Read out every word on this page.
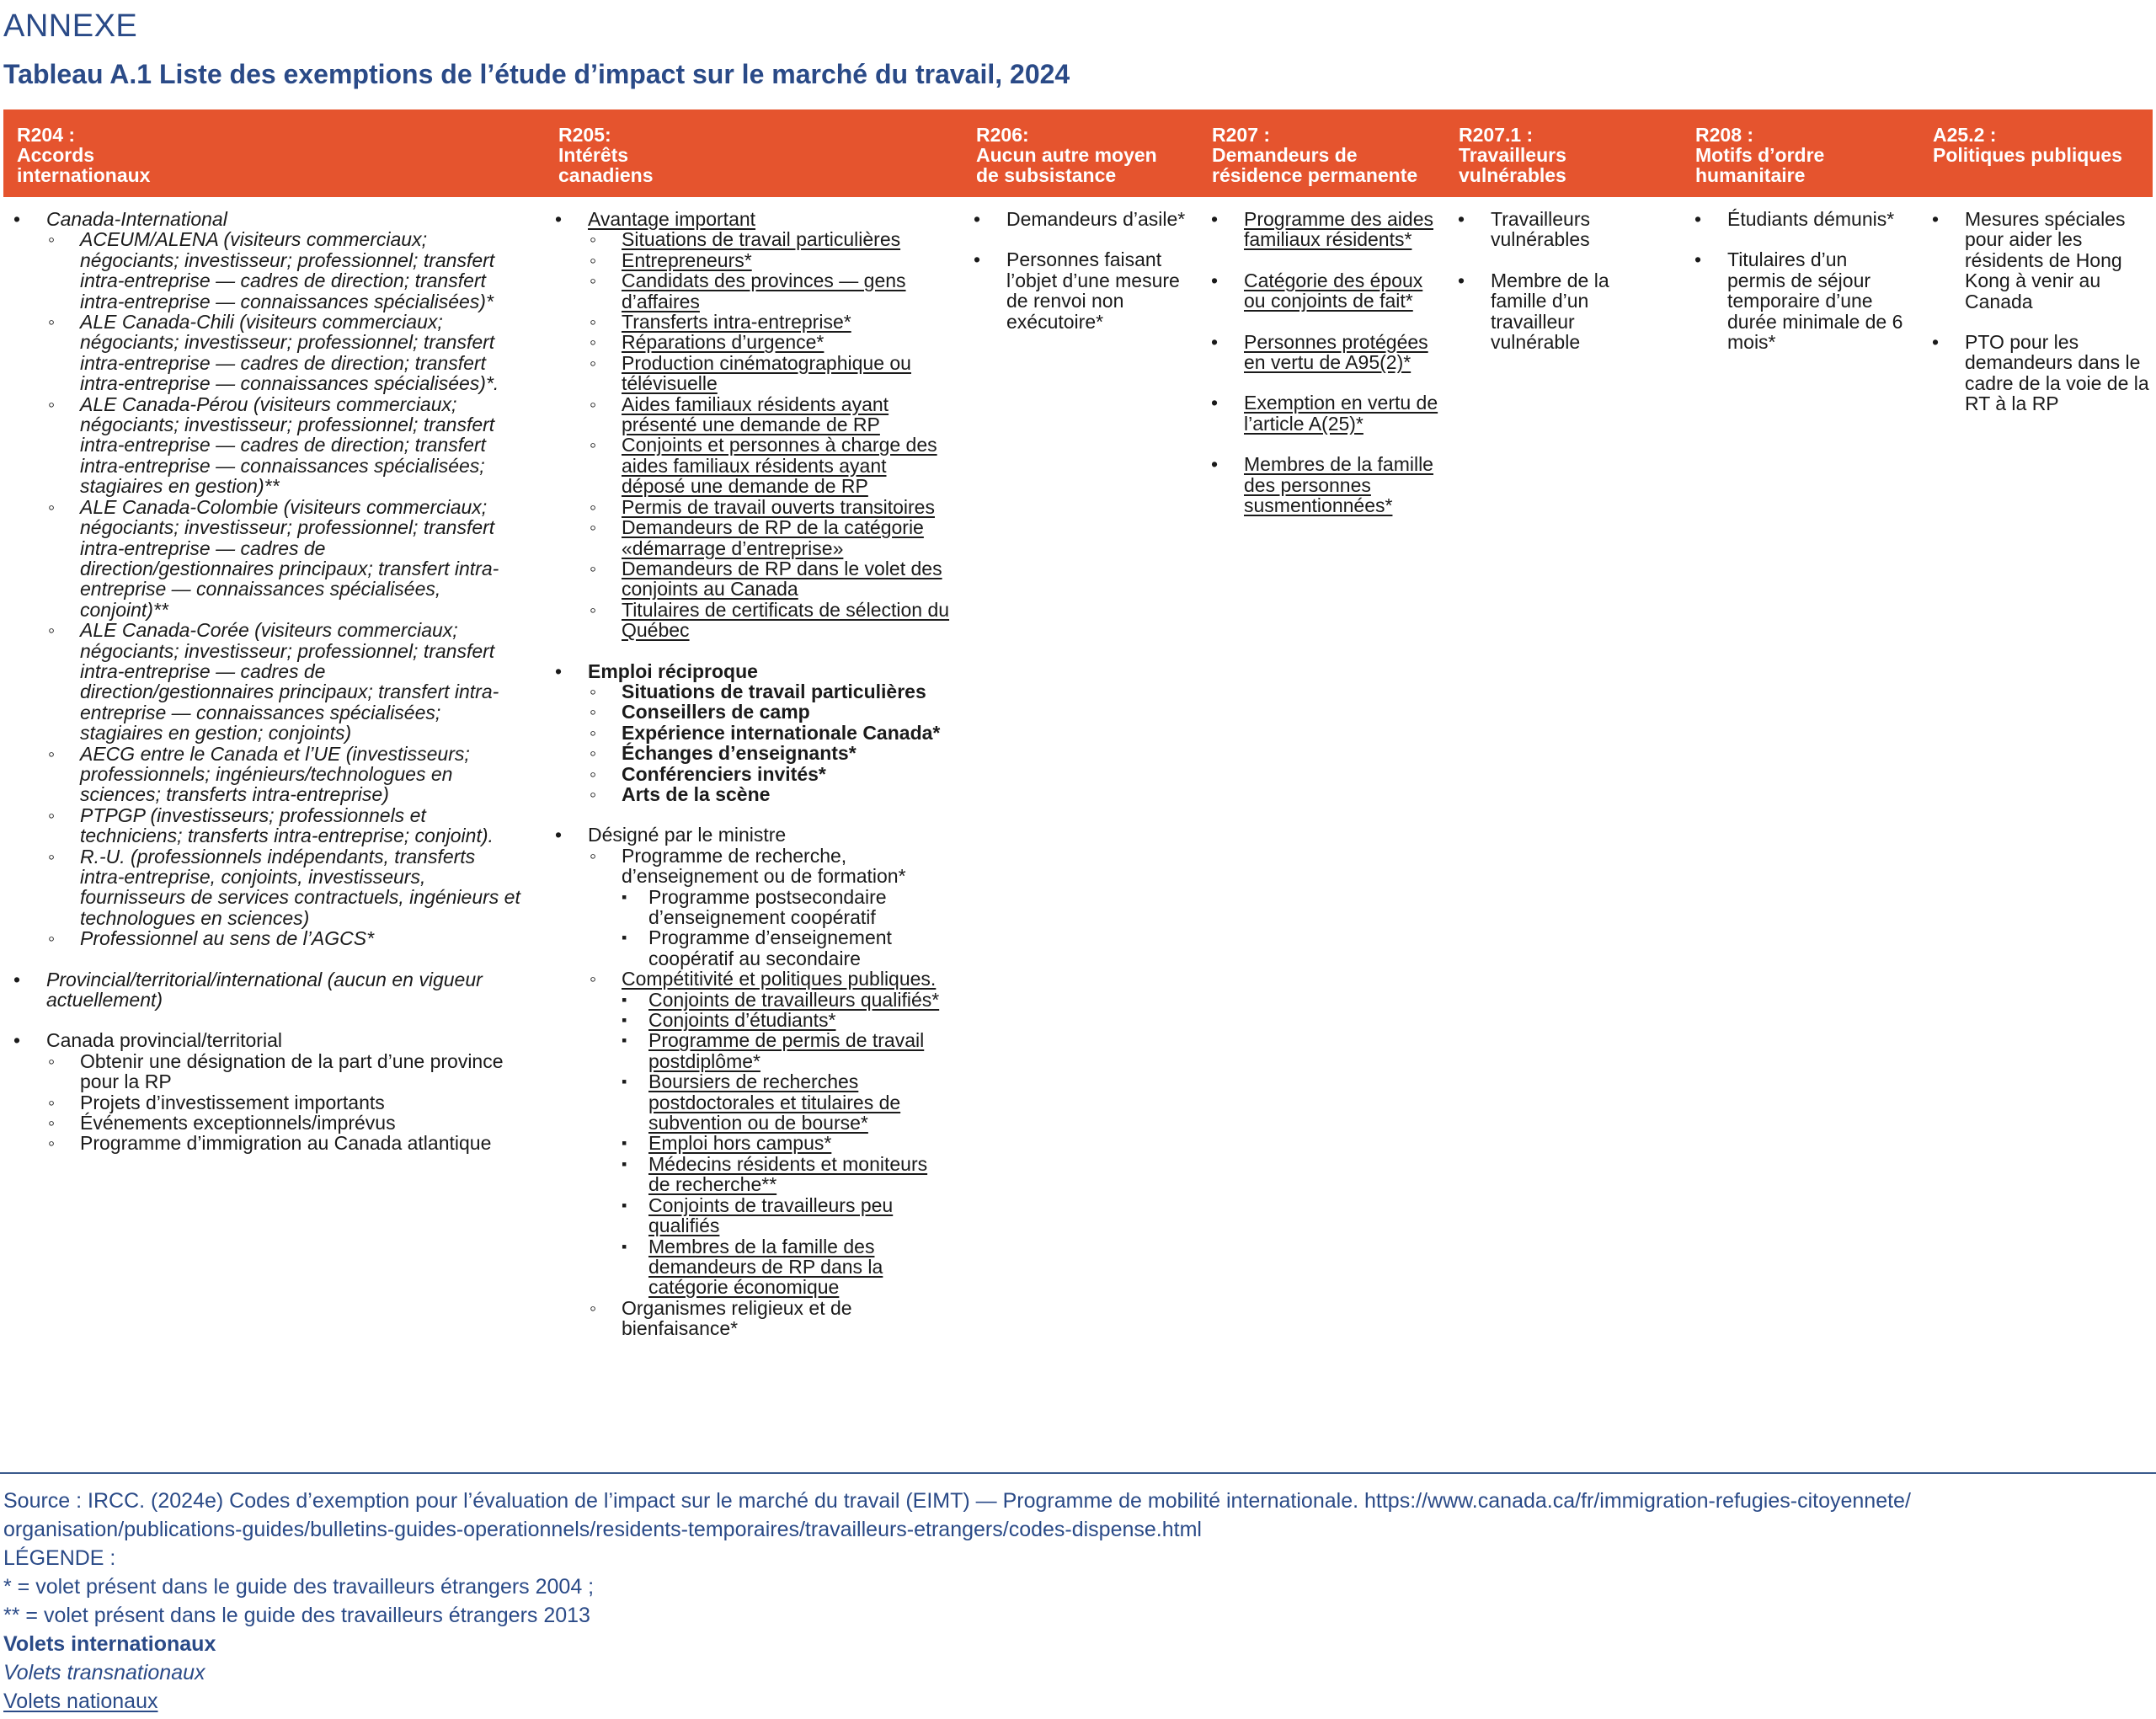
ANNEXE
Tableau A.1 Liste des exemptions de l’étude d’impact sur le marché du travail, 2024
R204 :
Accords
internationaux
R205:
Intérêts
canadiens
R206:
Aucun autre moyen
de subsistance
R207 :
Demandeurs de
résidence permanente
R207.1 :
Travailleurs
vulnérables
R208 :
Motifs d’ordre
humanitaire
A25.2 :
Politiques publiques
Canada-International
ACEUM/ALENA (visiteurs commerciaux; négociants; investisseur; professionnel; transfert intra-entreprise — cadres de direction; transfert intra-entreprise — connaissances spécialisées)*
ALE Canada-Chili (visiteurs commerciaux; négociants; investisseur; professionnel; transfert intra-entreprise — cadres de direction; transfert intra-entreprise — connaissances spécialisées)*.
ALE Canada-Pérou (visiteurs commerciaux; négociants; investisseur; professionnel; transfert intra-entreprise — cadres de direction; transfert intra-entreprise — connaissances spécialisées; stagiaires en gestion)**
ALE Canada-Colombie (visiteurs commerciaux; négociants; investisseur; professionnel; transfert intra-entreprise — cadres de direction/gestionnaires principaux; transfert intra-entreprise — connaissances spécialisées, conjoint)**
ALE Canada-Corée (visiteurs commerciaux; négociants; investisseur; professionnel; transfert intra-entreprise — cadres de direction/gestionnaires principaux; transfert intra-entreprise — connaissances spécialisées; stagiaires en gestion; conjoints)
AECG entre le Canada et l’UE (investisseurs; professionnels; ingénieurs/technologues en sciences; transferts intra-entreprise)
PTPGP (investisseurs; professionnels et techniciens; transferts intra-entreprise; conjoint).
R.-U. (professionnels indépendants, transferts intra-entreprise, conjoints, investisseurs, fournisseurs de services contractuels, ingénieurs et technologues en sciences)
Professionnel au sens de l’AGCS*
Provincial/territorial/international (aucun en vigueur actuellement)
Canada provincial/territorial
Obtenir une désignation de la part d’une province pour la RP
Projets d’investissement importants
Événements exceptionnels/imprévus
Programme d’immigration au Canada atlantique
Avantage important
Situations de travail particulières
Entrepreneurs*
Candidats des provinces — gens d’affaires
Transferts intra-entreprise*
Réparations d’urgence*
Production cinématographique ou télévisuelle
Aides familiaux résidents ayant présenté une demande de RP
Conjoints et personnes à charge des aides familiaux résidents ayant déposé une demande de RP
Permis de travail ouverts transitoires
Demandeurs de RP de la catégorie «démarrage d’entreprise»
Demandeurs de RP dans le volet des conjoints au Canada
Titulaires de certificats de sélection du Québec
Emploi réciproque
Situations de travail particulières
Conseillers de camp
Expérience internationale Canada*
Échanges d’enseignants*
Conférenciers invités*
Arts de la scène
Désigné par le ministre
Programme de recherche, d’enseignement ou de formation*
Programme postsecondaire d’enseignement coopératif
Programme d’enseignement coopératif au secondaire
Compétitivité et politiques publiques.
Conjoints de travailleurs qualifiés*
Conjoints d’étudiants*
Programme de permis de travail postdiplôme*
Boursiers de recherches postdoctorales et titulaires de subvention ou de bourse*
Emploi hors campus*
Médecins résidents et moniteurs de recherche**
Conjoints de travailleurs peu qualifiés
Membres de la famille des demandeurs de RP dans la catégorie économique
Organismes religieux et de bienfaisance*
Demandeurs d’asile*
Personnes faisant l’objet d’une mesure de renvoi non exécutoire*
Programme des aides familiaux résidents*
Catégorie des époux ou conjoints de fait*
Personnes protégées en vertu de A95(2)*
Exemption en vertu de l’article A(25)*
Membres de la famille des personnes susmentionnées*
Travailleurs vulnérables
Membre de la famille d’un travailleur vulnérable
Étudiants démunis*
Titulaires d’un permis de séjour temporaire d’une durée minimale de 6 mois*
Mesures spéciales pour aider les résidents de Hong Kong à venir au Canada
PTO pour les demandeurs dans le cadre de la voie de la RT à la RP
Source : IRCC. (2024e) Codes d’exemption pour l’évaluation de l’impact sur le marché du travail (EIMT) — Programme de mobilité internationale. https://www.canada.ca/fr/immigration-refugies-citoyennete/
organisation/publications-guides/bulletins-guides-operationnels/residents-temporaires/travailleurs-etrangers/codes-dispense.html
LÉGENDE :
* = volet présent dans le guide des travailleurs étrangers 2004 ;
** = volet présent dans le guide des travailleurs étrangers 2013
Volets internationaux
Volets transnationaux
Volets nationaux
